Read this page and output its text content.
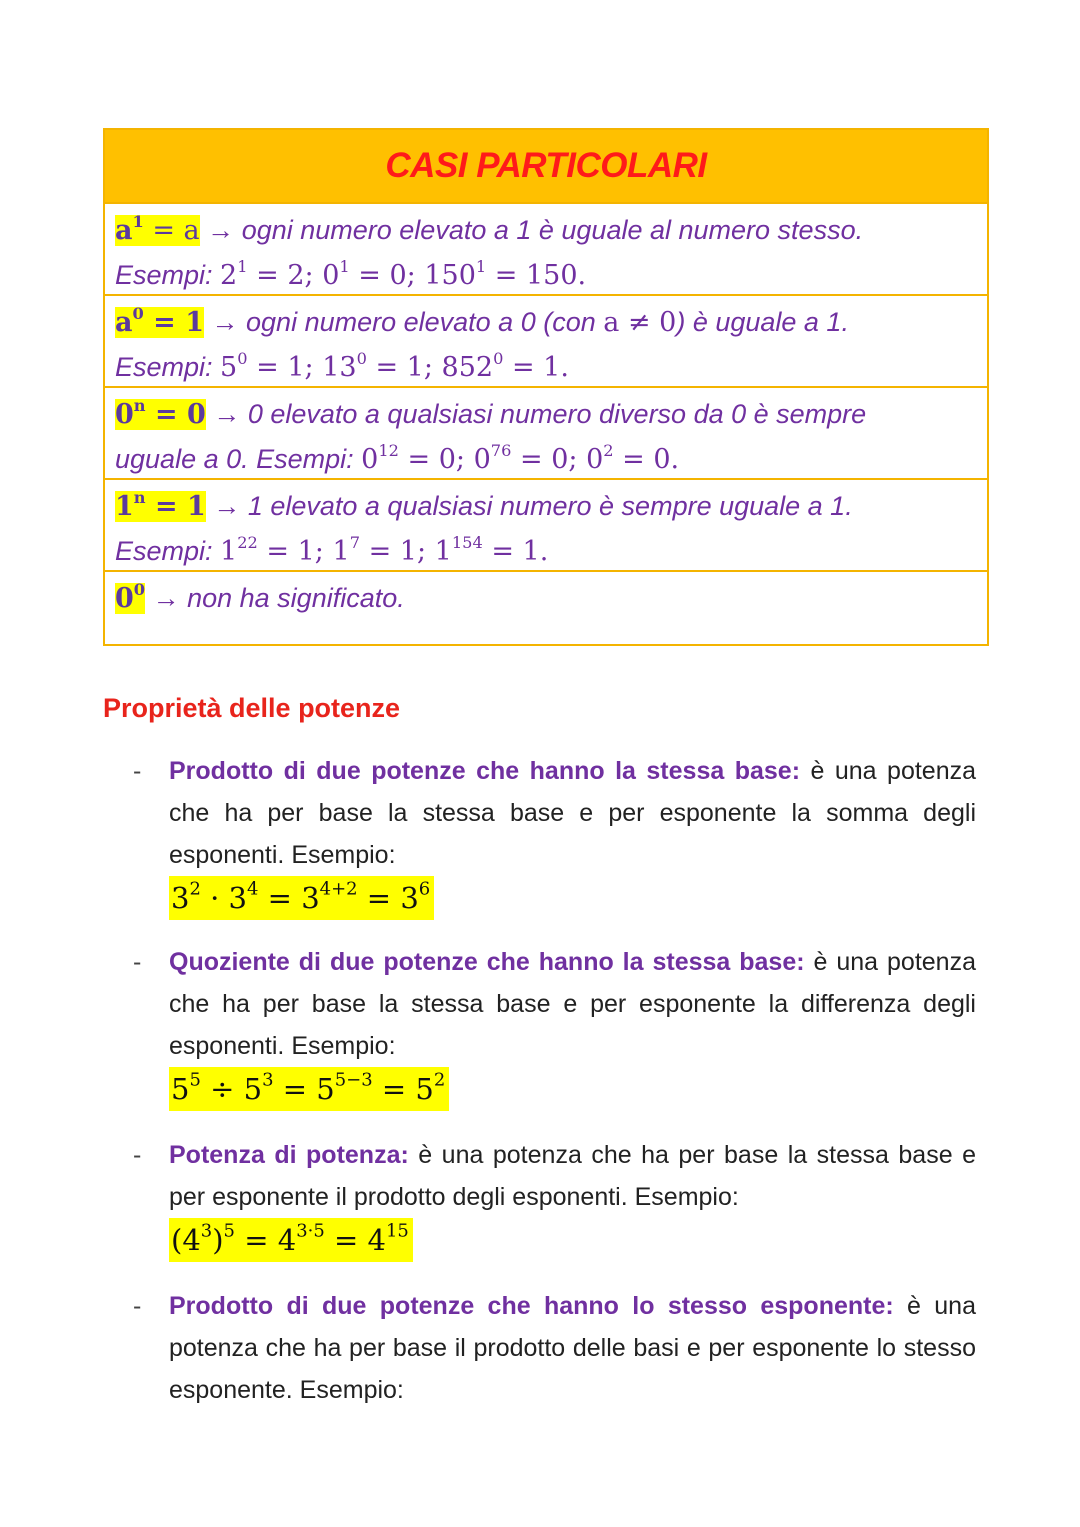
CASI PARTICOLARI
$a^1 = a$ → ogni numero elevato a 1 è uguale al numero stesso.
Esempi: $2^1 = 2$; $0^1 = 0$; $150^1 = 150$.
$a^0 = 1$ → ogni numero elevato a 0 (con a ≠ 0) è uguale a 1.
Esempi: $5^0 = 1$; $13^0 = 1$; $852^0 = 1$.
$0^n = 0 \to 0$ elevato a qualsiasi numero diverso da 0 è sempre
uguale a 0. Esempi: $0^{12} = 0$; $0^{76} = 0$; $0^2 = 0$.
$1^n = 1 \to 1$ elevato a qualsiasi numero è sempre uguale a 1.
Esempi: $1^{22} = 1$; $1^7 = 1$; $1^{154} = 1$.
$0^0$ → non ha significato.
Proprietà delle potenze
- Prodotto di due potenze che hanno la stessa base: è una potenza che ha per base la stessa base e per esponente la somma degli esponenti. Esempio:
$3^2 \cdot 3^4 = 3^{4+2} = 3^6$
- Quoziente di due potenze che hanno la stessa base: è una potenza che ha per base la stessa base e per esponente la differenza degli esponenti. Esempio:
$5^5 \div 5^3 = 5^{5-3} = 5^2$
- Potenza di potenza: è una potenza che ha per base la stessa base e per esponente il prodotto degli esponenti. Esempio:
$(4^3)^5 = 4^{3\cdot 5} = 4^{15}$
- Prodotto di due potenze che hanno lo stesso esponente: è una potenza che ha per base il prodotto delle basi e per esponente lo stesso esponente. Esempio:
